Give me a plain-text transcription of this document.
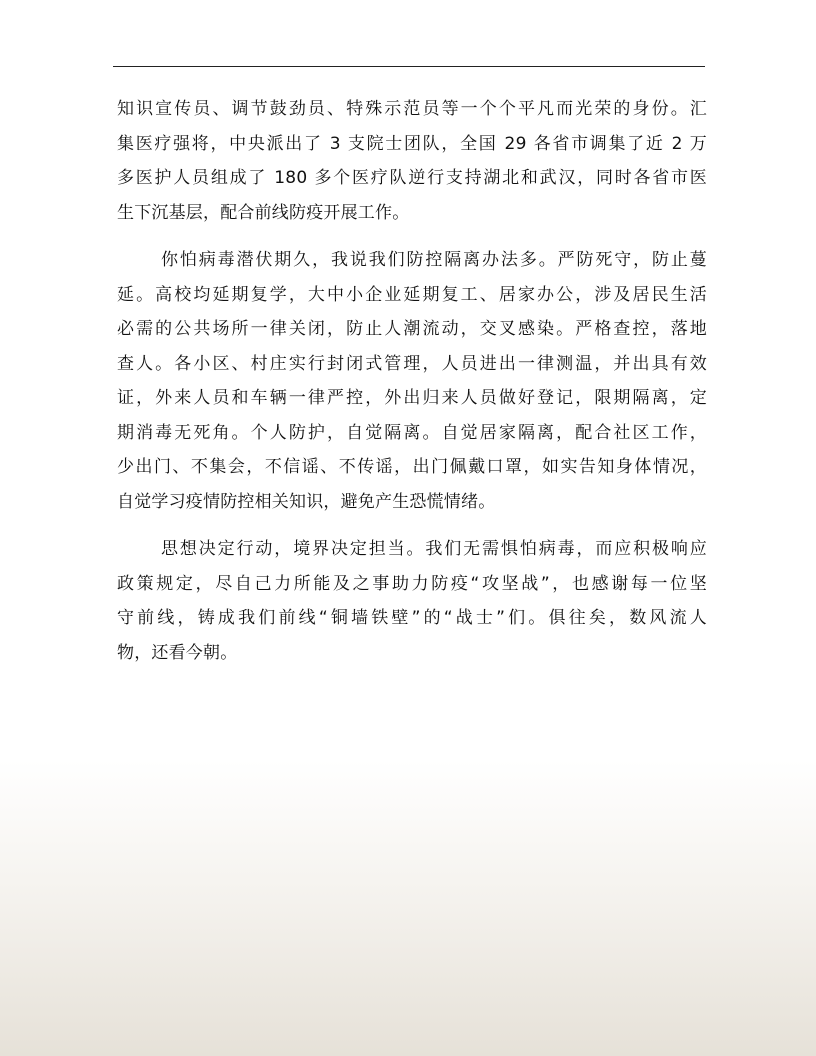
知识宣传员、调节鼓劲员、特殊示范员等一个个平凡而光荣的身份。汇
集医疗强将，中央派出了 3 支院士团队，全国 29 各省市调集了近 2 万
多医护人员组成了 180 多个医疗队逆行支持湖北和武汉，同时各省市医
生下沉基层，配合前线防疫开展工作。
你怕病毒潜伏期久，我说我们防控隔离办法多。严防死守，防止蔓
延。高校均延期复学，大中小企业延期复工、居家办公，涉及居民生活
必需的公共场所一律关闭，防止人潮流动，交叉感染。严格查控，落地
查人。各小区、村庄实行封闭式管理，人员进出一律测温，并出具有效
证，外来人员和车辆一律严控，外出归来人员做好登记，限期隔离，定
期消毒无死角。个人防护，自觉隔离。自觉居家隔离，配合社区工作，
少出门、不集会，不信谣、不传谣，出门佩戴口罩，如实告知身体情况，
自觉学习疫情防控相关知识，避免产生恐慌情绪。
思想决定行动，境界决定担当。我们无需惧怕病毒，而应积极响应
政策规定，尽自己力所能及之事助力防疫“攻坚战”，也感谢每一位坚
守前线，铸成我们前线“铜墙铁壁”的“战士”们。俱往矣，数风流人
物，还看今朝。
